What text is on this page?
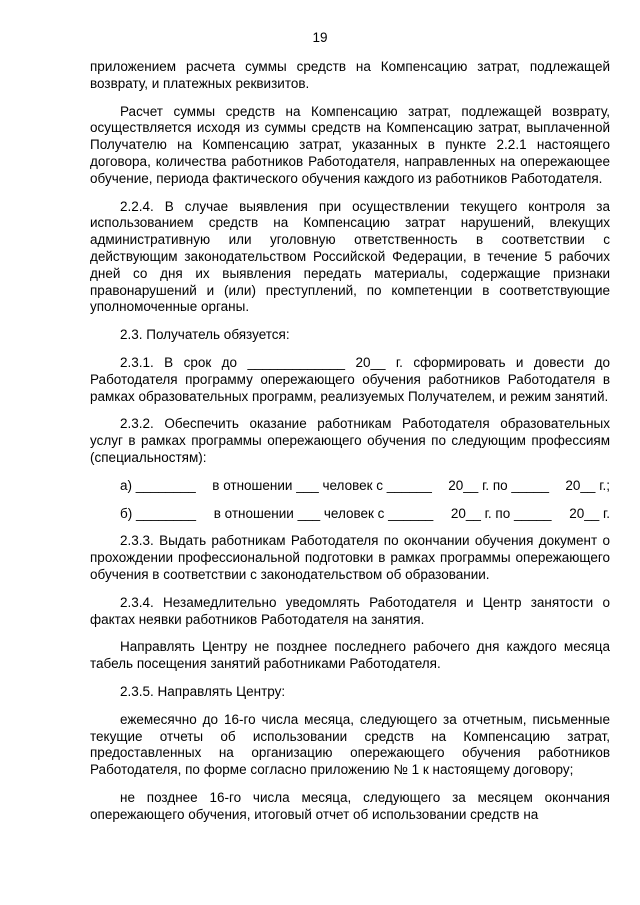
19

приложением расчета суммы средств на Компенсацию затрат, подлежащей возврату, и платежных реквизитов.

Расчет суммы средств на Компенсацию затрат, подлежащей возврату, осуществляется исходя из суммы средств на Компенсацию затрат, выплаченной Получателю на Компенсацию затрат, указанных в пункте 2.2.1 настоящего договора, количества работников Работодателя, направленных на опережающее обучение, периода фактического обучения каждого из работников Работодателя.

2.2.4. В случае выявления при осуществлении текущего контроля за использованием средств на Компенсацию затрат нарушений, влекущих административную или уголовную ответственность в соответствии с действующим законодательством Российской Федерации, в течение 5 рабочих дней со дня их выявления передать материалы, содержащие признаки правонарушений и (или) преступлений, по компетенции в соответствующие уполномоченные органы.

2.3. Получатель обязуется:

2.3.1. В срок до _____________ 20__ г. сформировать и довести до Работодателя программу опережающего обучения работников Работодателя в рамках образовательных программ, реализуемых Получателем, и режим занятий.

2.3.2. Обеспечить оказание работникам Работодателя образовательных услуг в рамках программы опережающего обучения по следующим профессиям (специальностям):

а) ________ в отношении ___ человек с ______ 20__ г. по _____ 20__ г.;
б) ________ в отношении ___ человек с ______ 20__ г. по _____ 20__ г.

2.3.3. Выдать работникам Работодателя по окончании обучения документ о прохождении профессиональной подготовки в рамках программы опережающего обучения в соответствии с законодательством об образовании.

2.3.4. Незамедлительно уведомлять Работодателя и Центр занятости о фактах неявки работников Работодателя на занятия.

Направлять Центру не позднее последнего рабочего дня каждого месяца табель посещения занятий работниками Работодателя.

2.3.5. Направлять Центру:

ежемесячно до 16-го числа месяца, следующего за отчетным, письменные текущие отчеты об использовании средств на Компенсацию затрат, предоставленных на организацию опережающего обучения работников Работодателя, по форме согласно приложению № 1 к настоящему договору;

не позднее 16-го числа месяца, следующего за месяцем окончания опережающего обучения, итоговый отчет об использовании средств на
